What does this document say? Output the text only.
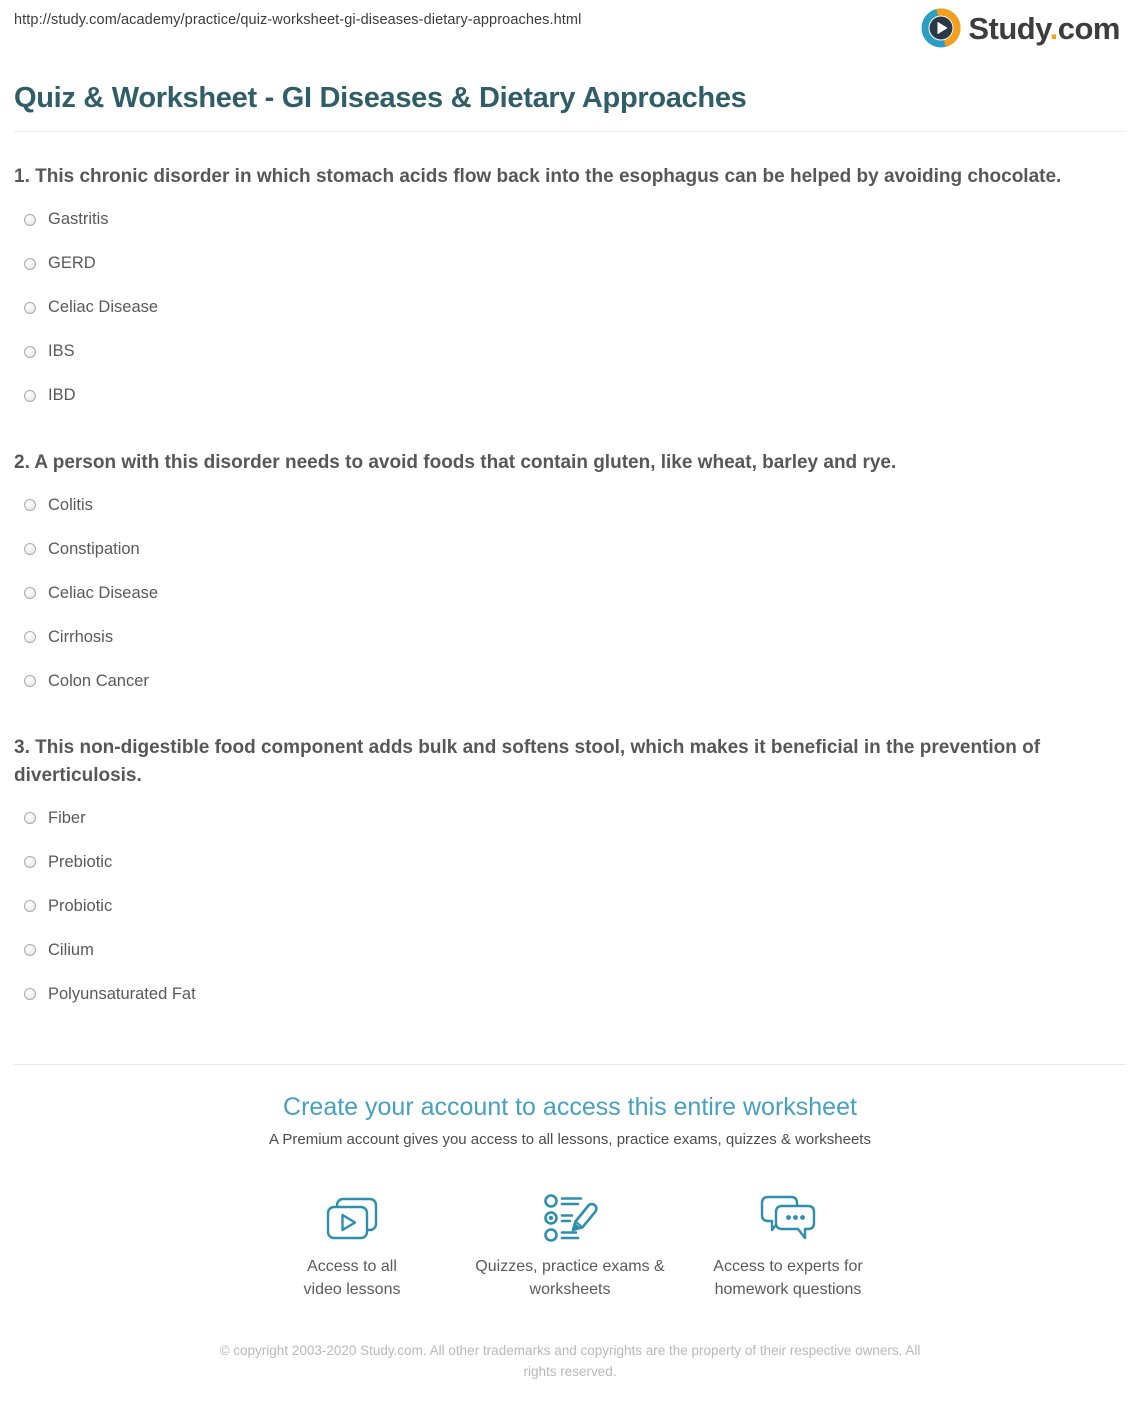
http://study.com/academy/practice/quiz-worksheet-gi-diseases-dietary-approaches.html	Study.com
Quiz & Worksheet - GI Diseases & Dietary Approaches
1. This chronic disorder in which stomach acids flow back into the esophagus can be helped by avoiding chocolate.
Gastritis
GERD
Celiac Disease
IBS
IBD
2. A person with this disorder needs to avoid foods that contain gluten, like wheat, barley and rye.
Colitis
Constipation
Celiac Disease
Cirrhosis
Colon Cancer
3. This non-digestible food component adds bulk and softens stool, which makes it beneficial in the prevention of diverticulosis.
Fiber
Prebiotic
Probiotic
Cilium
Polyunsaturated Fat
Create your account to access this entire worksheet
A Premium account gives you access to all lessons, practice exams, quizzes & worksheets
Access to all video lessons
Quizzes, practice exams & worksheets
Access to experts for homework questions
© copyright 2003-2020 Study.com. All other trademarks and copyrights are the property of their respective owners. All rights reserved.
